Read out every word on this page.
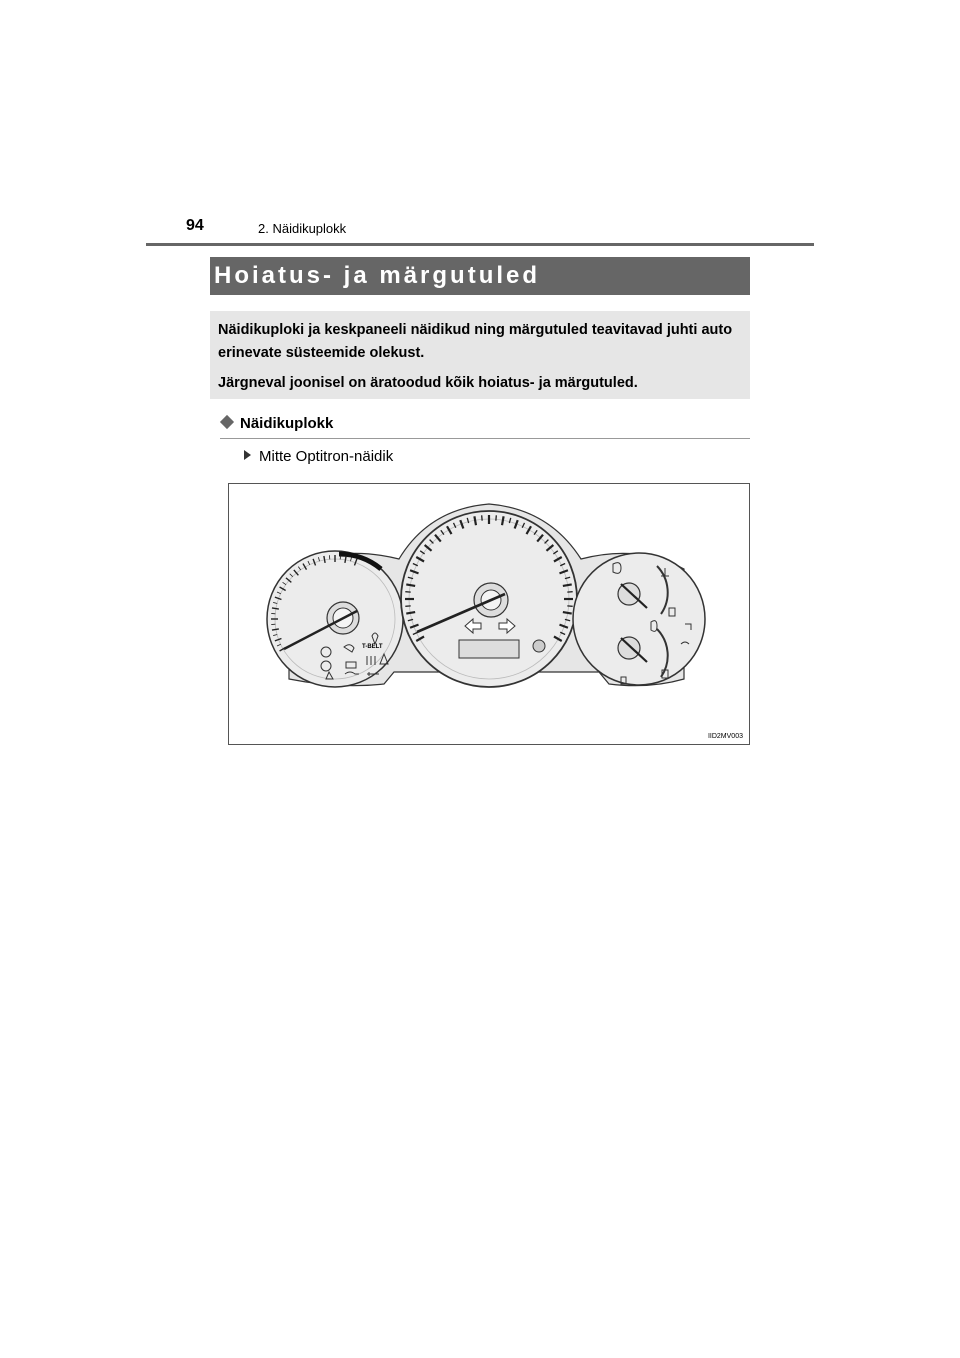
94	2. Näidikuplokk
Hoiatus- ja märgutuled

Näidikuploki ja keskpaneeli näidikud ning märgutuled teavitavad juhti auto erinevate süsteemide olekust.

Järgneval joonisel on äratoodud kõik hoiatus- ja märgutuled.

Näidikuplokk
Mitte Optitron-näidik
T-BELT
IID2MV003
